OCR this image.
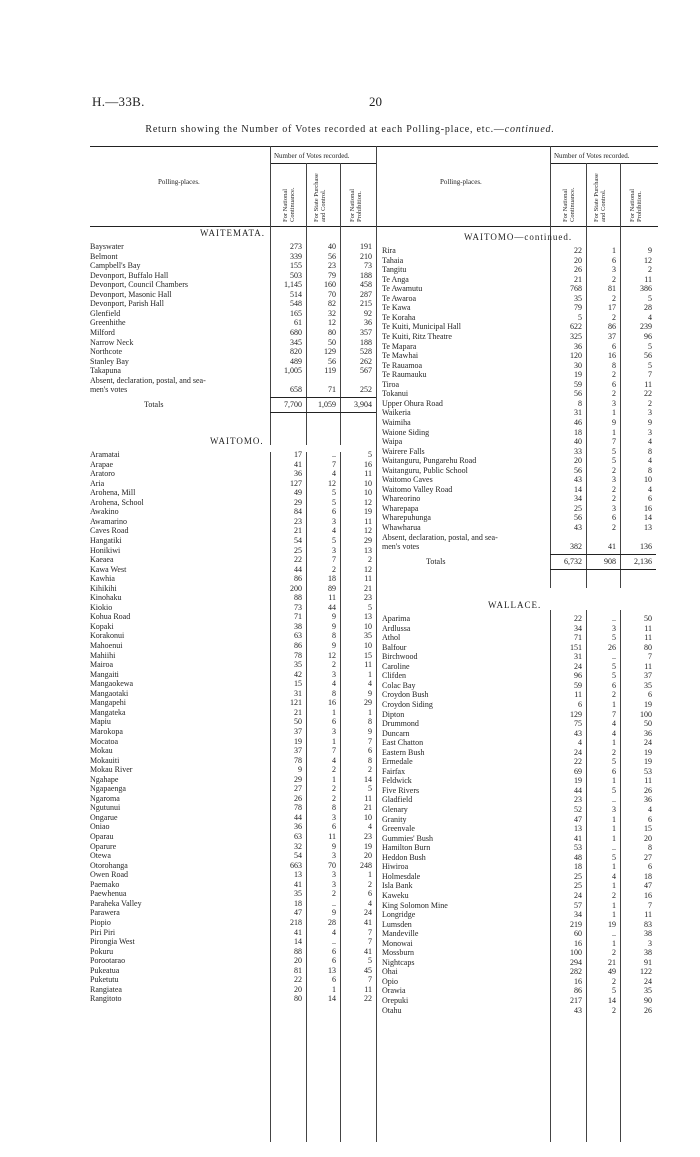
H.—33B.	20
Return showing the Number of Votes recorded at each Polling-place, etc.—continued.
Polling-places.	Polling-places.
Number of Votes recorded.	Number of Votes recorded.
For National Continuance.	For State Purchase and Control.	For National Prohibition.	For National Continuance.	For State Purchase and Control.	For National Prohibition.
WAITEMATA.
Bayswater	273	40	191
Belmont	339	56	210
Campbell's Bay	155	23	73
Devonport, Buffalo Hall	503	79	188
Devonport, Council Chambers	1,145	160	458
Devonport, Masonic Hall	514	70	287
Devonport, Parish Hall	548	82	215
Glenfield	165	32	92
Greenhithe	61	12	36
Milford	680	80	357
Narrow Neck	345	50	188
Northcote	820	129	528
Stanley Bay	489	56	262
Takapuna	1,005	119	567
Absent, declaration, postal, and sea-
men's votes	658	71	252
Totals	7,700 1,059 3,904
WAITOMO.
Aramatai	17	..	5
Arapae	41	7	16
Aratoro	36	4	11
Aria	127	12	10
Arohena, Mill	49	5	10
Arohena, School	29	5	12
Awakino	84	6	19
Awamarino	23	3	11
Caves Road	21	4	12
Hangatiki	54	5	29
Honikiwi	25	3	13
Kaeaea	22	7	2
Kawa West	44	2	12
Kawhia	86	18	11
Kihikihi	200	89	21
Kinohaku	88	11	23
Kiokio	73	44	5
Kohua Road	71	9	13
Kopaki	38	9	10
Korakonui	63	8	35
Mahoenui	86	9	10
Mahiihi	78	12	15
Mairoa	35	2	11
Mangaiti	42	3	1
Mangaokewa	15	4	4
Mangaotaki	31	8	9
Mangapehi	121	16	29
Mangateka	21	1	1
Mapiu	50	6	8
Marokopa	37	3	9
Mocatoa	19	1	7
Mokau	37	7	6
Mokauiti	78	4	8
Mokau River	9	2	2
Ngahape	29	1	14
Ngapaenga	27	2	5
Ngaroma	26	2	11
Ngutunui	78	8	21
Ongarue	44	3	10
Oniao	36	6	4
Oparau	63	11	23
Oparure	32	9	19
Otewa	54	3	20
Otorohanga	663	70	248
Owen Road	13	3	1
Paemako	41	3	2
Paewhenua	35	2	6
Paraheka Valley	18	..	4
Parawera	47	9	24
Piopio	218	28	41
Piri Piri	41	4	7
Pirongia West	14	..	7
Pokuru	88	6	41
Porootarao	20	6	5
Pukeatua	81	13	45
Puketutu	22	6	7
Rangiatea	20	1	11
Rangitoto	80	14	22
WAITOMO—continued.
Rira	22	1	9
Tahaia	20	6	12
Tangitu	26	3	2
Te Anga	21	2	11
Te Awamutu	768	81	386
Te Awaroa	35	2	5
Te Kawa	79	17	28
Te Koraha	5	2	4
Te Kuiti, Municipal Hall	622	86	239
Te Kuiti, Ritz Theatre	325	37	96
Te Mapara	36	6	5
Te Mawhai	120	16	56
Te Rauamoa	30	8	5
Te Raumauku	19	2	7
Tiroa	59	6	11
Tokanui	56	2	22
Upper Ohura Road	8	3	2
Waikeria	31	1	3
Waimiha	46	9	9
Waione Siding	18	1	3
Waipa	40	7	4
Wairere Falls	33	5	8
Waitanguru, Pungarehu Road	20	5	4
Waitanguru, Public School	56	2	8
Waitomo Caves	43	3	10
Waitomo Valley Road	14	2	4
Whareorino	34	2	6
Wharepapa	25	3	16
Wharepuhunga	56	6	14
Whawharua	43	2	13
Absent, declaration, postal, and sea-
men's votes	382	41	136
Totals	6,732	908 2,136
WALLACE.
Aparima	22	..	50
Ardlussa	34	3	11
Athol	71	5	11
Balfour	151	26	80
Birchwood	31	..	7
Caroline	24	5	11
Clifden	96	5	37
Colac Bay	59	6	35
Croydon Bush	11	2	6
Croydon Siding	6	1	19
Dipton	129	7	100
Drummond	75	4	50
Duncarn	43	4	36
East Chatton	4	1	24
Eastern Bush	24	2	19
Ermedale	22	5	19
Fairfax	69	6	53
Feldwick	19	1	11
Five Rivers	44	5	26
Gladfield	23	..	36
Glenary	52	3	4
Granity	47	1	6
Greenvale	13	1	15
Gummies' Bush	41	1	20
Hamilton Burn	53	..	8
Heddon Bush	48	5	27
Hiwiroa	18	1	6
Holmesdale	25	4	18
Isla Bank	25	1	47
Kaweku	24	2	16
King Solomon Mine	57	1	7
Longridge	34	1	11
Lumsden	219	19	83
Mandeville	60	..	38
Monowai	16	1	3
Mossburn	100	2	38
Nightcaps	294	21	91
Ohai	282	49	122
Opio	16	2	24
Orawia	86	5	35
Orepuki	217	14	90
Otahu	43	2	26
